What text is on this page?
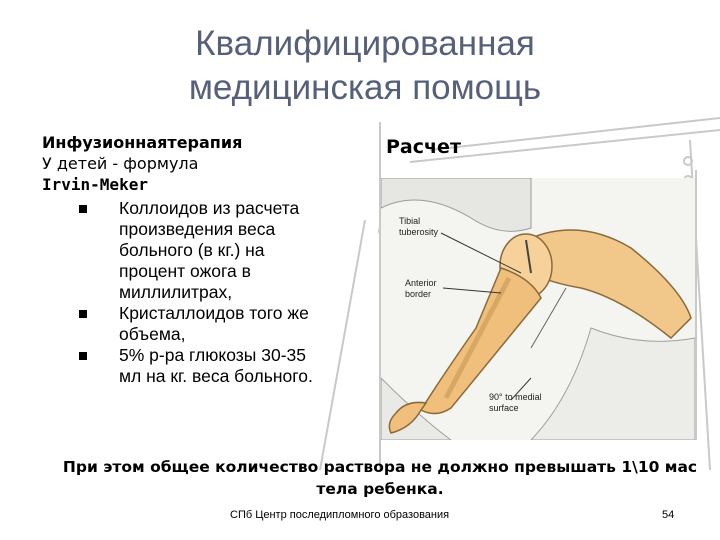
Квалифицированная
медицинская помощь
Инфузионнаятерапия
У детей - формула
Irvin-Meker
Коллоидов из расчета
произведения веса
больного (в кг.) на
процент ожога в
миллилитрах,
Кристаллоидов того же
объема,
5% р-ра глюкозы 30-35
мл на кг. веса больного.
Расчет
Tibial
tuberosity
Anterior
border
90° to medial
surface
При этом общее количество раствора не должно превышать 1\10 мас
тела ребенка.
СПб Центр последипломного образования	54
